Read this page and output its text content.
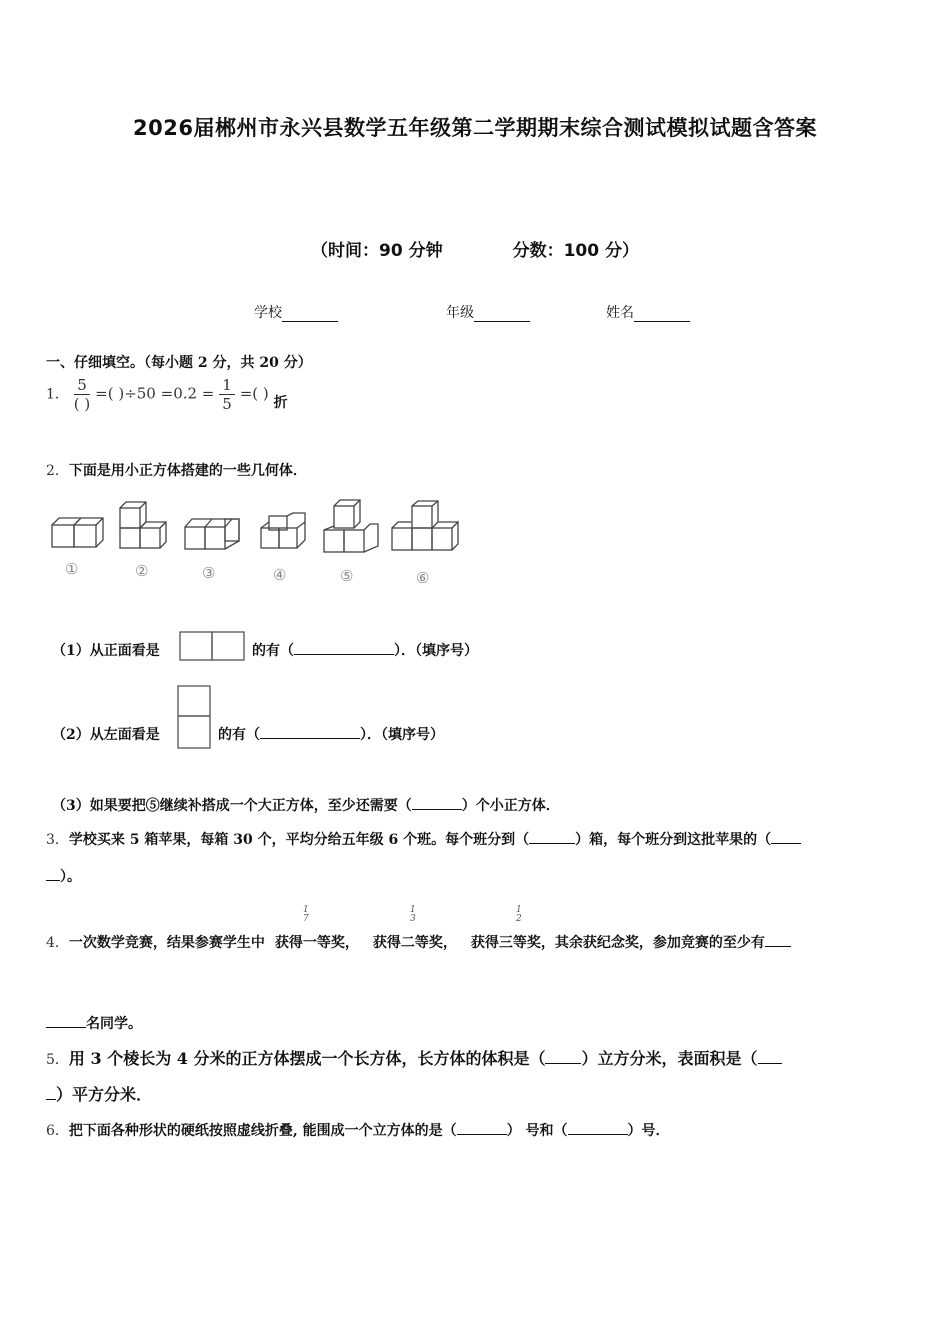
2026届郴州市永兴县数学五年级第二学期期末综合测试模拟试题含答案
（时间：90 分钟	分数：100 分）
学校	年级	姓名
一、仔细填空。（每小题 2 分，共 20 分）
1． $\frac{5}{( )}$ =( )$\div 50 =0.2 = \frac{1}{5}$ =( ) 折
2．下面是用小正方体搭建的一些几何体．
①	②	③	④	⑤	⑥
（1）从正面看是	的有（	）．（填序号）
（2）从左面看是	的有（	）．（填序号）
（3）如果要把⑤继续补搭成一个大正方体，至少还需要（	）个小正方体．
3．学校买来 5 箱苹果，每箱 30 个，平均分给五年级 6 个班。每个班分到（	）箱，每个班分到这批苹果的（
）。
1
7
1
3
1
2
4．一次数学竞赛，结果参赛学生中 获得一等奖， 获得二等奖， 获得三等奖，其余获纪念奖，参加竞赛的至少有
名同学。
5．用 3 个棱长为 4 分米的正方体摆成一个长方体，长方体的体积是（ ）立方分米，表面积是（
）平方分米．
6．把下面各种形状的硬纸按照虚线折叠, 能围成一个立方体的是（	） 号和（	）号．
